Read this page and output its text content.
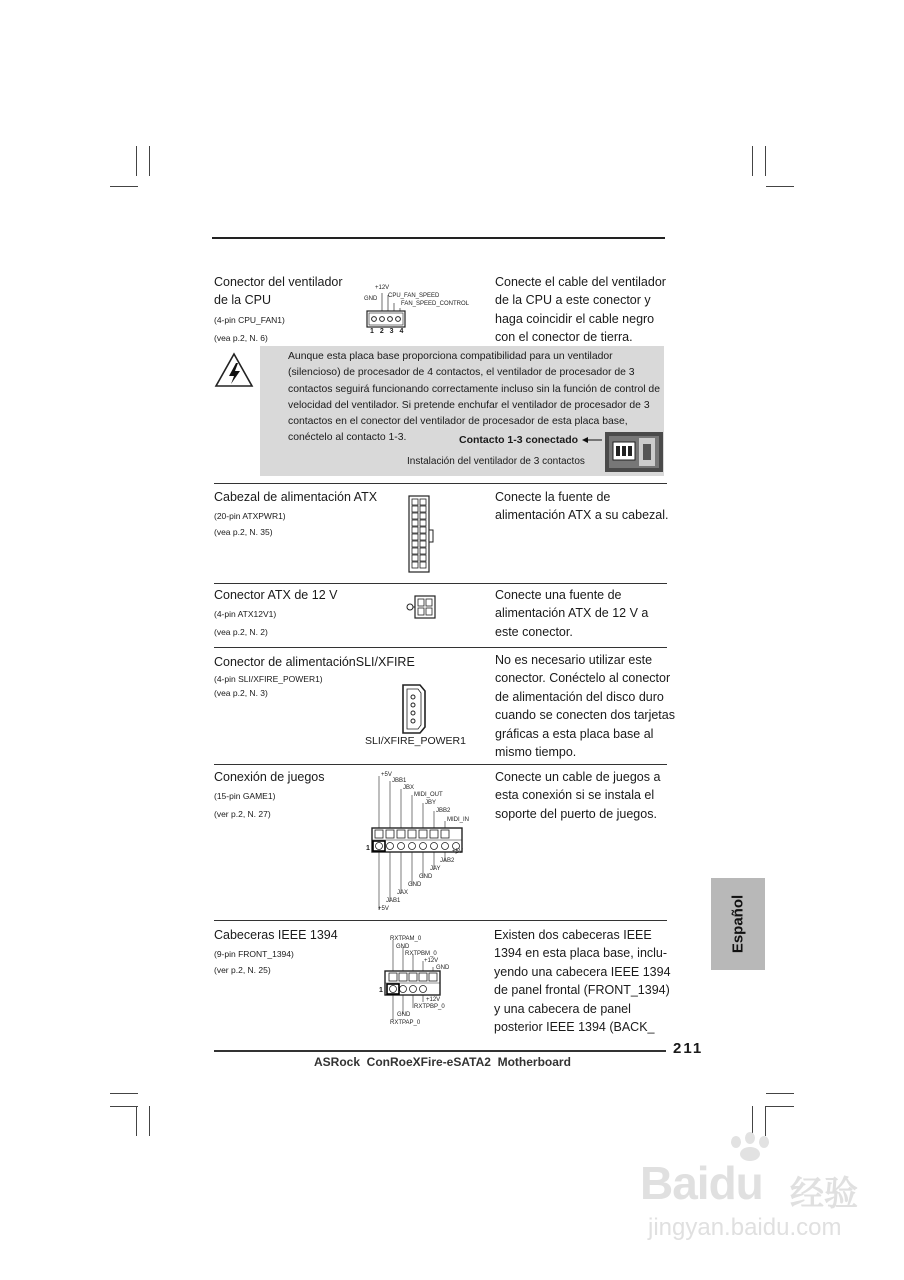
Conector del ventilador
de la CPU
(4-pin CPU_FAN1)
(vea p.2, N. 6)
+12V
GND CPU_FAN_SPEED
FAN_SPEED_CONTROL
1 2 3 4
Conecte el cable del ventilador
de la CPU a este conector y
haga coincidir el cable negro
con el conector de tierra.

Aunque esta placa base proporciona compatibilidad para un ventilador (silencioso) de procesador de 4 contactos, el ventilador de procesador de 3 contactos seguirá funcionando correctamente incluso sin la función de control de velocidad del ventilador. Si pretende enchufar el ventilador de procesador de 3 contactos en el conector del ventilador de procesador de esta placa base, conéctelo al contacto 1-3.	Contacto 1-3 conectado
Instalación del ventilador de 3 contactos
Cabezal de alimentación ATX
(20-pin ATXPWR1)
(vea p.2, N. 35)
Conecte la fuente de
alimentación ATX a su cabezal.
Conector ATX de 12 V
(4-pin ATX12V1)
(vea p.2, N. 2)
Conecte una fuente de
alimentación ATX de 12 V a
este conector.
Conector de alimentaciónSLI/XFIRE
(4-pin SLI/XFIRE_POWER1)
(vea p.2, N. 3)
SLI/XFIRE_POWER1
No es necesario utilizar este
conector. Conéctelo al conector
de alimentación del disco duro
cuando se conecten dos tarjetas
gráficas a esta placa base al
mismo tiempo.
Conexión de juegos
(15-pin GAME1)
(ver p.2, N. 27)
1
+5V
JBB1
JBX
MIDI_OUT
JBY
JBB2
MIDI_IN
+5V
JAB2
JAY
GND
GND
JAX
JAB1
+5V
Conecte un cable de juegos a
esta conexión si se instala el
soporte del puerto de juegos.
Cabeceras IEEE 1394
(9-pin FRONT_1394)
(ver p.2, N. 25)
1
RXTPAM_0
GND
RXTPBM_0
+12V
GND
+12V
RXTPBP_0
GND
RXTPAP_0
Existen dos cabeceras IEEE
1394 en esta placa base, inclu-
yendo una cabecera IEEE 1394
de panel frontal (FRONT_1394)
y una cabecera de panel
posterior IEEE 1394 (BACK_
Español
211
ASRock  ConRoeXFire-eSATA2  Motherboard
Baidu 经验
jingyan.baidu.com
